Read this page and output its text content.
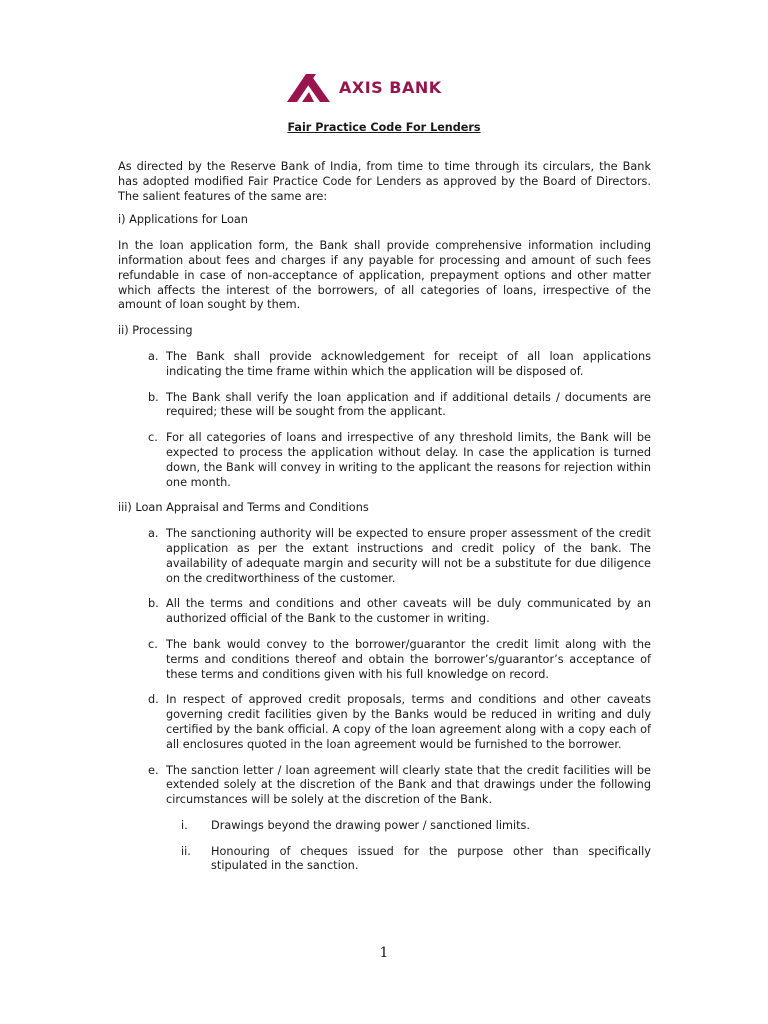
AXIS BANK
Fair Practice Code For Lenders

As directed by the Reserve Bank of India, from time to time through its circulars, the Bank has adopted modified Fair Practice Code for Lenders as approved by the Board of Directors. The salient features of the same are:

i) Applications for Loan

In the loan application form, the Bank shall provide comprehensive information including information about fees and charges if any payable for processing and amount of such fees refundable in case of non-acceptance of application, prepayment options and other matter which affects the interest of the borrowers, of all categories of loans, irrespective of the amount of loan sought by them.

ii) Processing

a. The Bank shall provide acknowledgement for receipt of all loan applications indicating the time frame within which the application will be disposed of.
b. The Bank shall verify the loan application and if additional details / documents are required; these will be sought from the applicant.
c. For all categories of loans and irrespective of any threshold limits, the Bank will be expected to process the application without delay. In case the application is turned down, the Bank will convey in writing to the applicant the reasons for rejection within one month.

iii) Loan Appraisal and Terms and Conditions

a. The sanctioning authority will be expected to ensure proper assessment of the credit application as per the extant instructions and credit policy of the bank. The availability of adequate margin and security will not be a substitute for due diligence on the creditworthiness of the customer.
b. All the terms and conditions and other caveats will be duly communicated by an authorized official of the Bank to the customer in writing.
c. The bank would convey to the borrower/guarantor the credit limit along with the terms and conditions thereof and obtain the borrower’s/guarantor’s acceptance of these terms and conditions given with his full knowledge on record.
d. In respect of approved credit proposals, terms and conditions and other caveats governing credit facilities given by the Banks would be reduced in writing and duly certified by the bank official. A copy of the loan agreement along with a copy each of all enclosures quoted in the loan agreement would be furnished to the borrower.
e. The sanction letter / loan agreement will clearly state that the credit facilities will be extended solely at the discretion of the Bank and that drawings under the following circumstances will be solely at the discretion of the Bank.
i.	Drawings beyond the drawing power / sanctioned limits.
ii.	Honouring of cheques issued for the purpose other than specifically stipulated in the sanction.
1
